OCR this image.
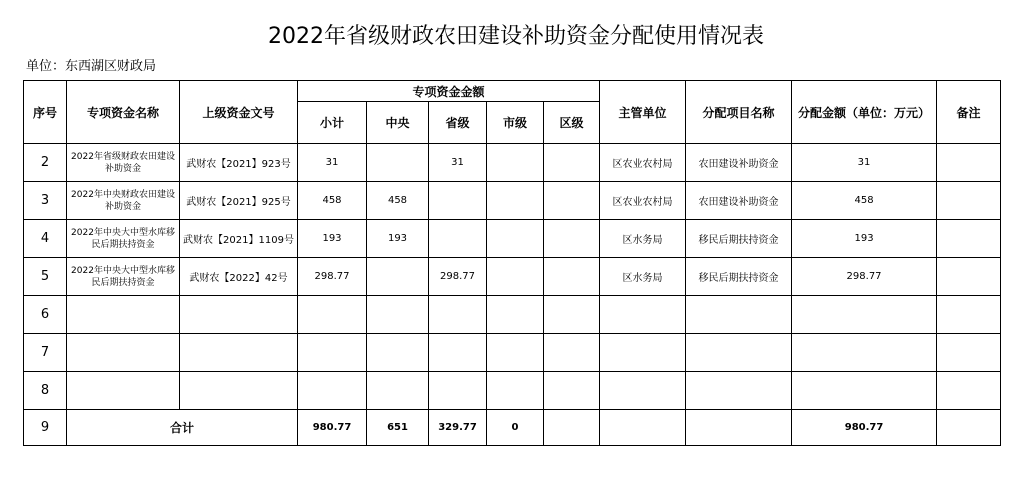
2022年省级财政农田建设补助资金分配使用情况表
单位：东西湖区财政局
序号	专项资金名称	上级资金文号	专项资金金额					主管单位	分配项目名称	分配金额（单位：万元）	备注
			小计	中央	省级	市级	区级				
2	2022年省级财政农田建设补助资金	武财农【2021】923号	31		31			区农业农村局	农田建设补助资金	31	
3	2022年中央财政农田建设补助资金	武财农【2021】925号	458	458				区农业农村局	农田建设补助资金	458	
4	2022年中央大中型水库移民后期扶持资金	武财农【2021】1109号	193	193				区水务局	移民后期扶持资金	193	
5	2022年中央大中型水库移民后期扶持资金	武财农【2022】42号	298.77		298.77			区水务局	移民后期扶持资金	298.77	
6											
7											
8											
9	合计		980.77	651	329.77	0				980.77	
